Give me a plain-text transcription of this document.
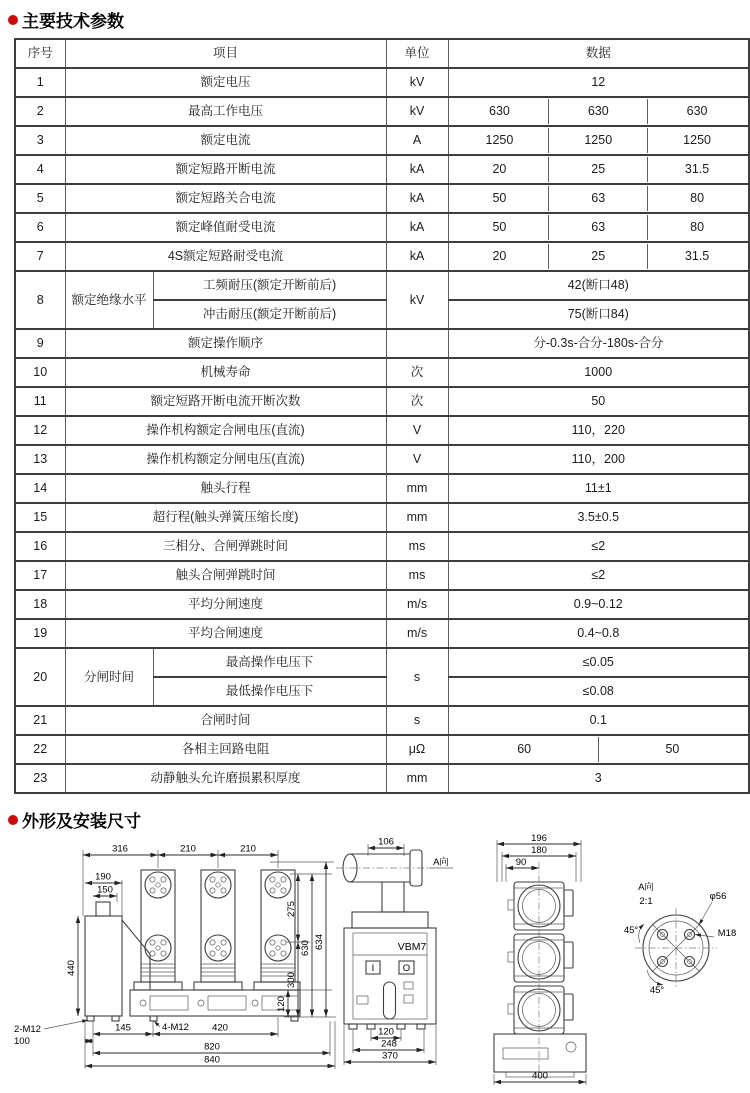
主要技术参数
序号	项目		单位	数据
1	额定电压		kV	12
2	最高工作电压		kV	630 630 630

3	额定电流		A	1250 1250 1250

4	额定短路开断电流		kA	20 25 31.5

5	额定短路关合电流		kA	50 63 80

6	额定峰值耐受电流		kA	50 63 80

7	4S额定短路耐受电流		kA	20 25 31.5

8	额定绝缘水平	工频耐压(额定开断前后)	kV	42(断口48)
		冲击耐压(额定开断前后)		75(断口84)
9	额定操作顺序			分-0.3s-合分-180s-合分
10	机械寿命		次	1000
11	额定短路开断电流开断次数		次	50
12	操作机构额定合闸电压(直流)		V	110，220
13	操作机构额定分闸电压(直流)		V	110，200
14	触头行程		mm	11±1
15	超行程(触头弹簧压缩长度)		mm	3.5±0.5
16	三相分、合闸弹跳时间		ms	≤2
17	触头合闸弹跳时间		ms	≤2
18	平均分闸速度		m/s	0.9~0.12
19	平均合闸速度		m/s	0.4~0.8
20	分闸时间	最高操作电压下	s	≤0.05
		最低操作电压下		≤0.08
21	合闸时间		s	0.1
22	各相主回路电阻		μΩ	60 50

23	动静触头允许磨损累积厚度		mm	3
外形及安装尺寸
316	210	210
190
150
440
275
300
120
630 634
2-M12
100
145	4-M12 420
820
840
106
A向
VBM7
I	O
120
248
370
196
180
90
400
A向
2:1	φ56
M18
45°
45°
